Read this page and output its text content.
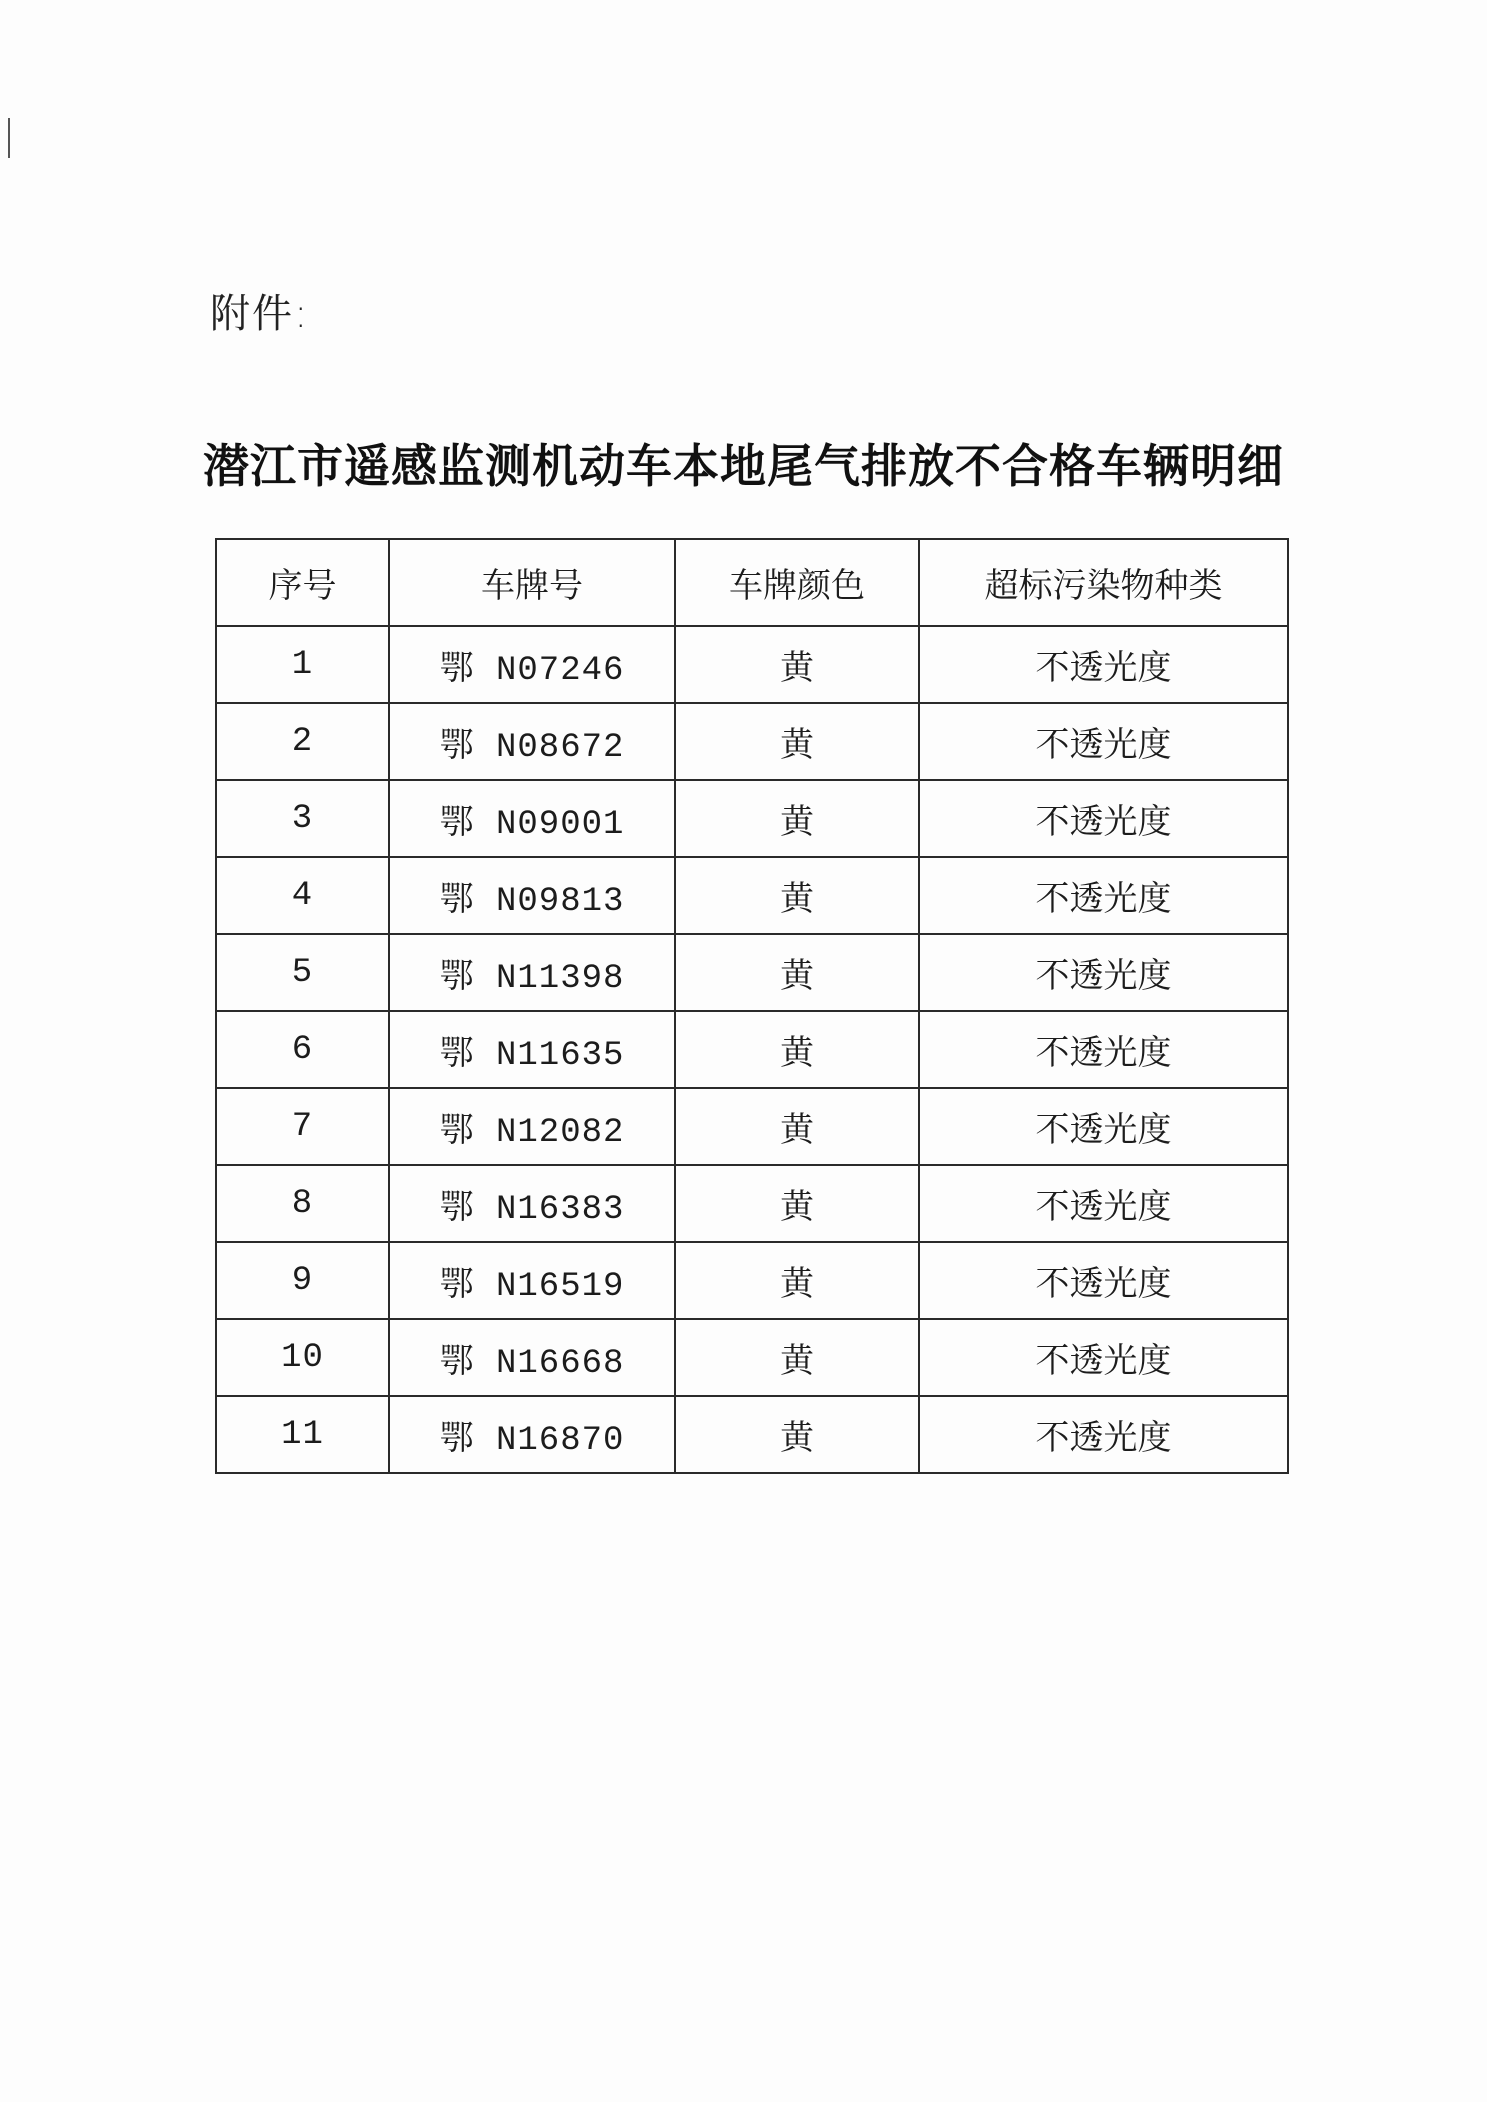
附件:
潜江市遥感监测机动车本地尾气排放不合格车辆明细
序号	车牌号	车牌颜色	超标污染物种类
1	鄂 N07246	黄	不透光度
2	鄂 N08672	黄	不透光度
3	鄂 N09001	黄	不透光度
4	鄂 N09813	黄	不透光度
5	鄂 N11398	黄	不透光度
6	鄂 N11635	黄	不透光度
7	鄂 N12082	黄	不透光度
8	鄂 N16383	黄	不透光度
9	鄂 N16519	黄	不透光度
10	鄂 N16668	黄	不透光度
11	鄂 N16870	黄	不透光度
